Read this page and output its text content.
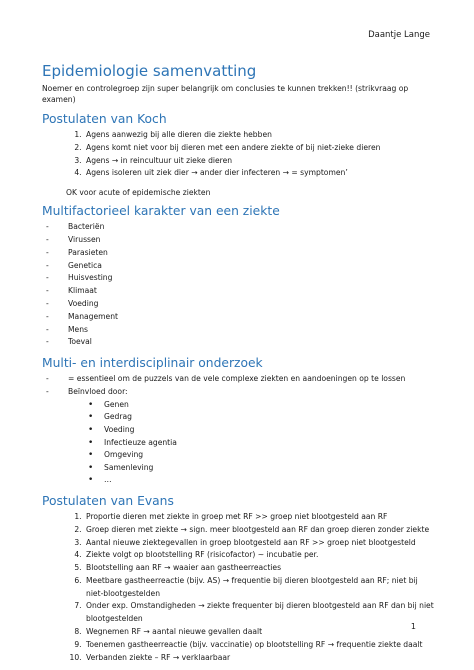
Daantje Lange
Epidemiologie samenvatting

Noemer en controlegroep zijn super belangrijk om conclusies te kunnen trekken!! (strikvraag op examen)

Postulaten van Koch
1. Agens aanwezig bij alle dieren die ziekte hebben
2. Agens komt niet voor bij dieren met een andere ziekte of bij niet-zieke dieren
3. Agens → in reincultuur uit zieke dieren
4. Agens isoleren uit ziek dier → ander dier infecteren → = symptomen’
OK voor acute of epidemische ziekten
Multifactorieel karakter van een ziekte
- Bacteriën
- Virussen
- Parasieten
- Genetica
- Huisvesting
- Klimaat
- Voeding
- Management
- Mens
- Toeval
Multi- en interdisciplinair onderzoek
- = essentieel om de puzzels van de vele complexe ziekten en aandoeningen op te lossen
- Beïnvloed door:
• Genen
• Gedrag
• Voeding
• Infectieuze agentia
• Omgeving
• Samenleving
• …
Postulaten van Evans
1. Proportie dieren met ziekte in groep met RF >> groep niet blootgesteld aan RF
2. Groep dieren met ziekte → sign. meer blootgesteld aan RF dan groep dieren zonder ziekte
3. Aantal nieuwe ziektegevallen in groep blootgesteld aan RF >> groep niet blootgesteld
4. Ziekte volgt op blootstelling RF (risicofactor) ~ incubatie per.
5. Blootstelling aan RF → waaier aan gastheerreacties
6. Meetbare gastheerreactie (bijv. AS) → frequentie bij dieren blootgesteld aan RF; niet bij niet-blootgestelden
7. Onder exp. Omstandigheden → ziekte frequenter bij dieren blootgesteld aan RF dan bij niet blootgestelden
8. Wegnemen RF → aantal nieuwe gevallen daalt
9. Toenemen gastheerreactie (bijv. vaccinatie) op blootstelling RF → frequentie ziekte daalt
10. Verbanden ziekte – RF → verklaarbaar
1
